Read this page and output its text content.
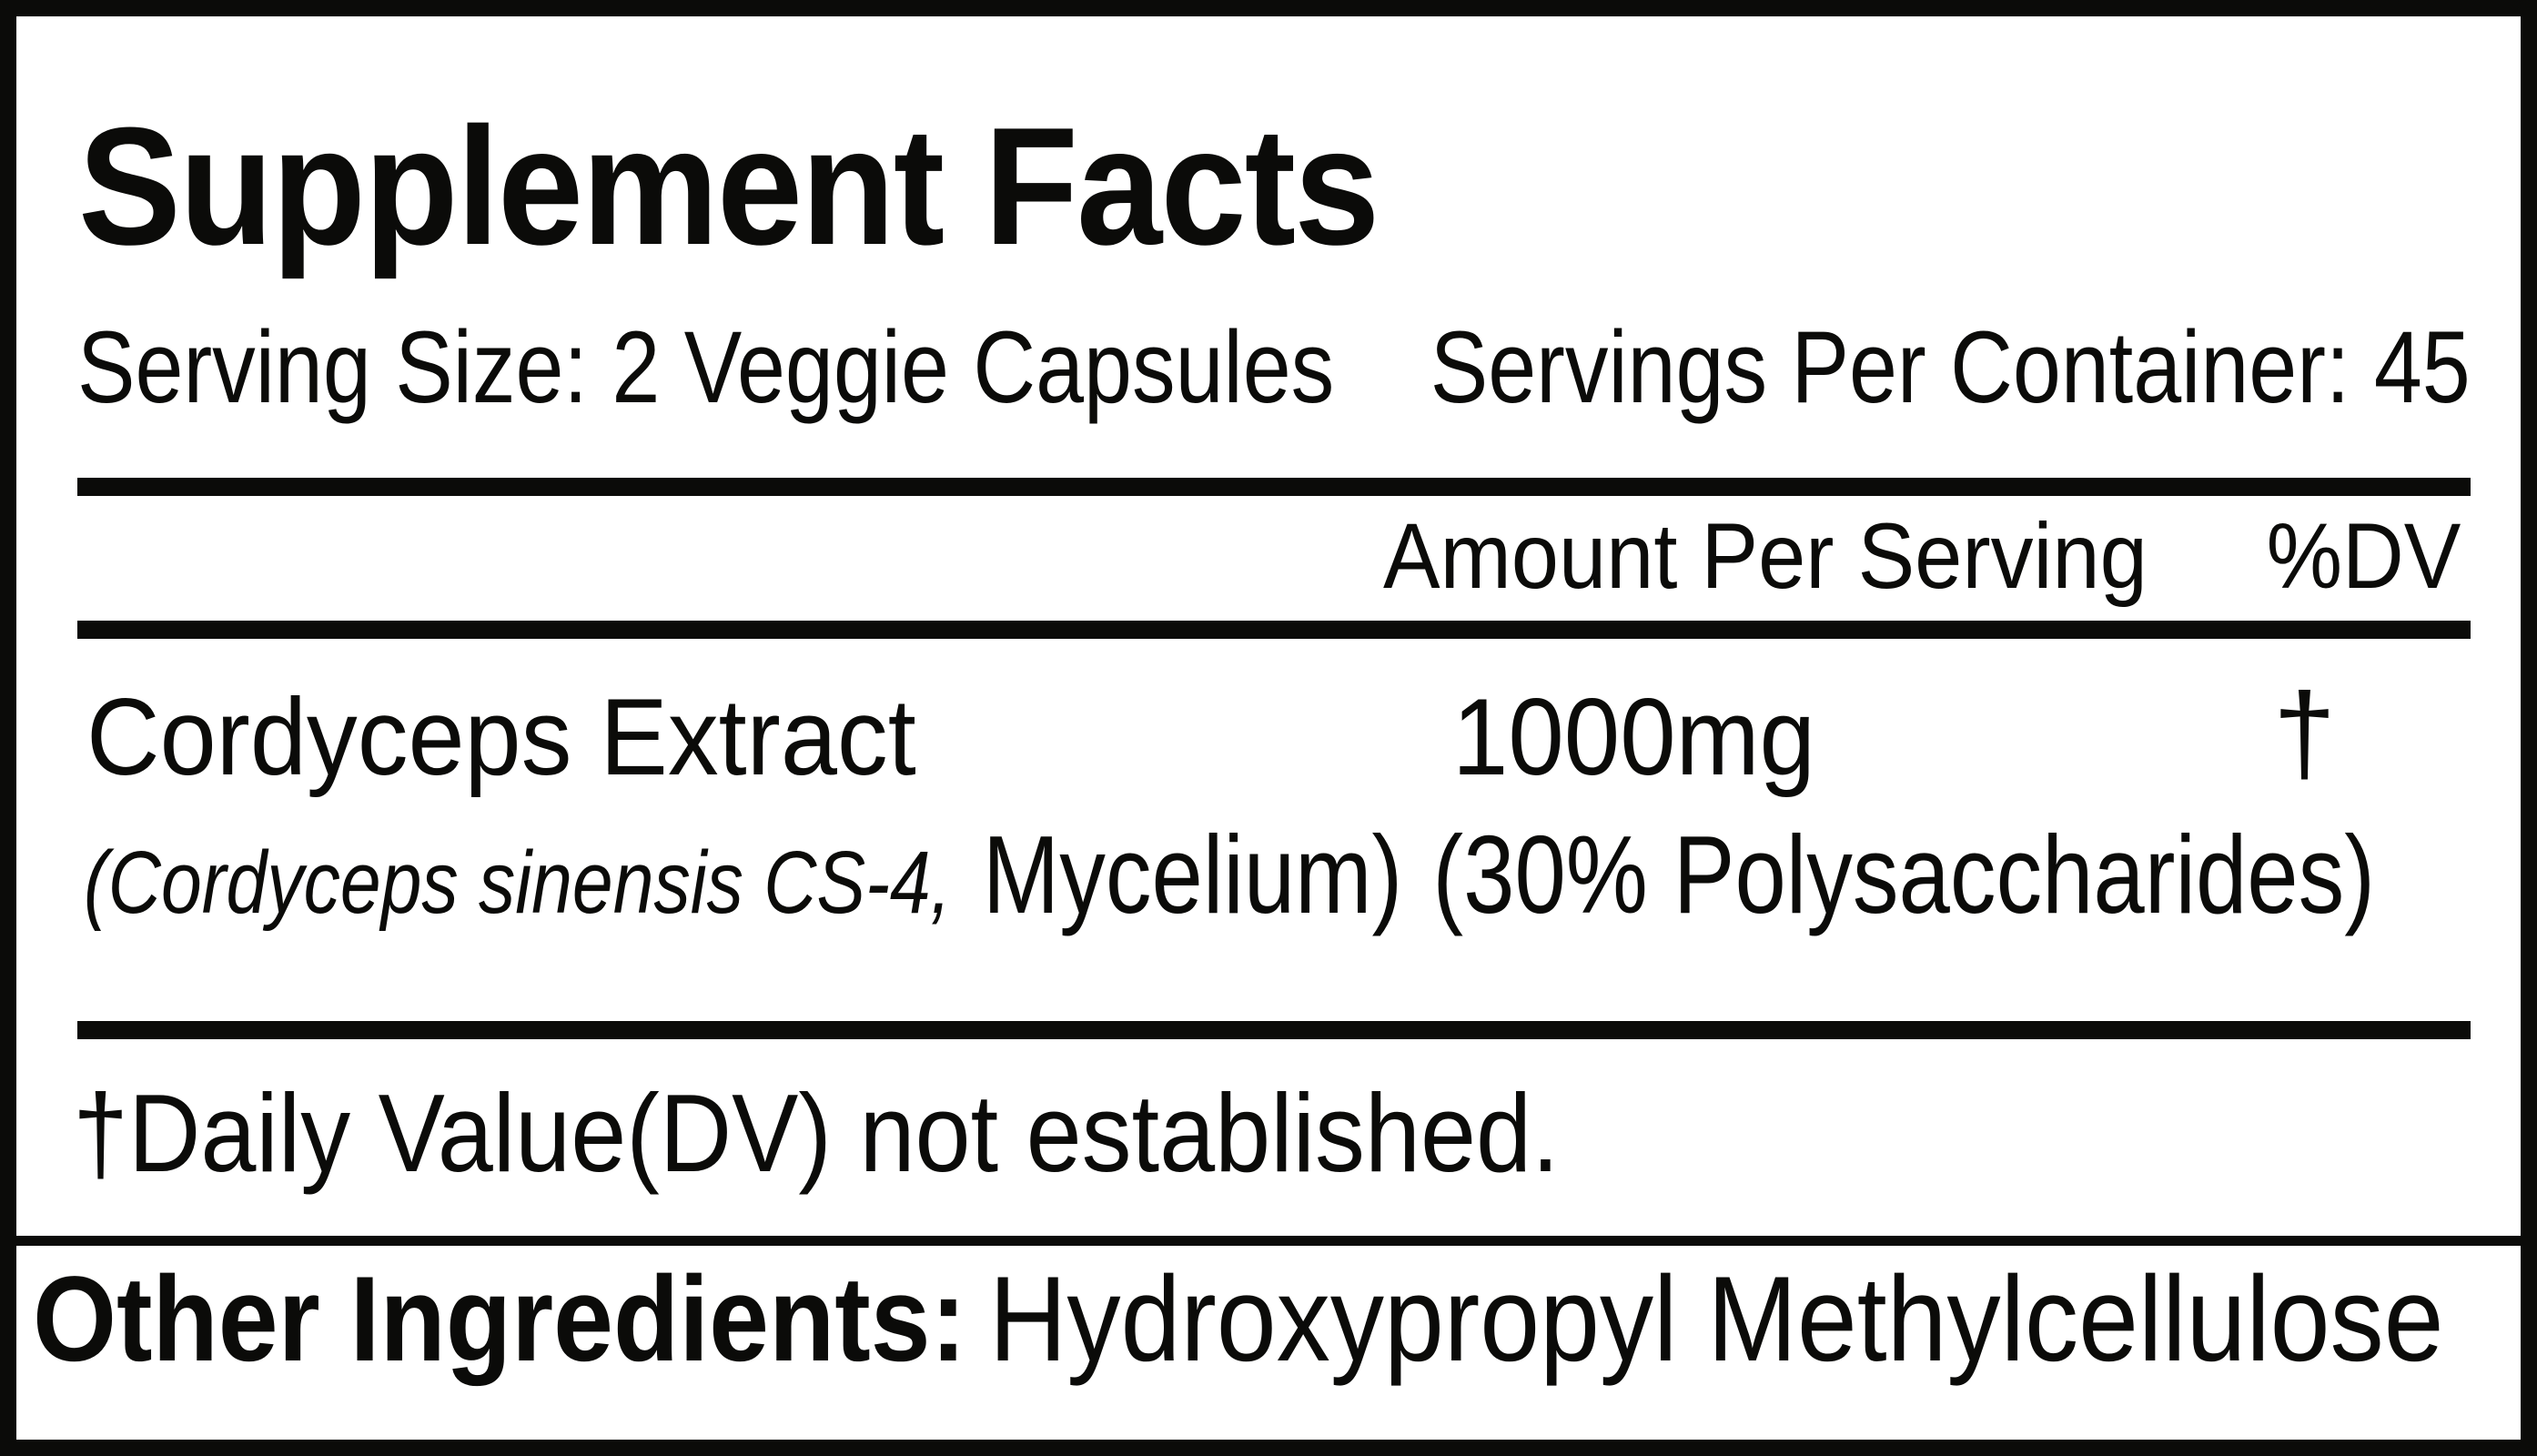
Supplement Facts
Serving Size: 2 Veggie Capsules Servings Per Container: 45
Amount Per Serving %DV
Cordyceps Extract	1000mg	†
(Cordyceps sinensis CS-4, Mycelium) (30% Polysaccharides)
†Daily Value(DV) not established.
Other Ingredients: Hydroxypropyl Methylcellulose
